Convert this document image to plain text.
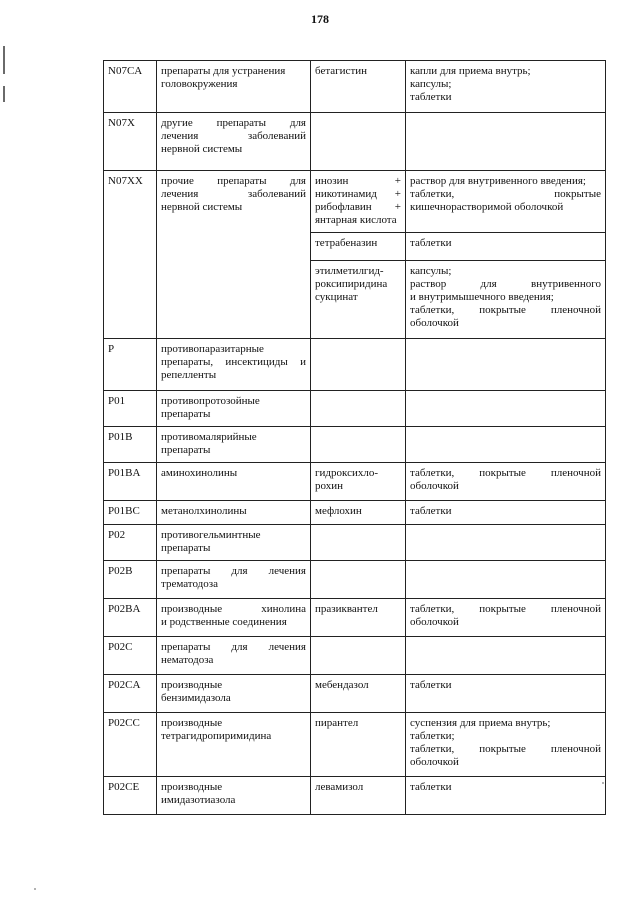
178
N07CA	препараты для устранения
головокружения	бетагистин	капли для приема внутрь;
капсулы;
таблетки

N07X	другие препараты для
лечения заболеваний
нервной системы		

N07XX	прочие препараты для
лечения заболеваний
нервной системы	инозин +
никотинамид +
рибофлавин +
янтарная кислота	раствор для внутривенного введения;
таблетки, покрытые
кишечнорастворимой оболочкой

		тетрабеназин	таблетки

		этилметилгид-
роксипиридина
сукцинат	капсулы;
раствор для внутривенного
и внутримышечного введения;
таблетки, покрытые пленочной
оболочкой

P	противопаразитарные
препараты, инсектициды и
репелленты		

P01	противопротозойные
препараты		

P01B	противомалярийные
препараты		

P01BA	аминохинолины	гидроксихло-
рохин	таблетки, покрытые пленочной
оболочкой

P01BC	метанолхинолины	мефлохин	таблетки

P02	противогельминтные
препараты		

P02B	препараты для лечения
трематодоза		

P02BA	производные хинолина
и родственные соединения	празиквантел	таблетки, покрытые пленочной
оболочкой

P02C	препараты для лечения
нематодоза		

P02CA	производные
бензимидазола	мебендазол	таблетки

P02CC	производные
тетрагидропиримидина	пирантел	суспензия для приема внутрь;
таблетки;
таблетки, покрытые пленочной
оболочкой

P02CE	производные
имидазотиазола	левамизол	таблетки
